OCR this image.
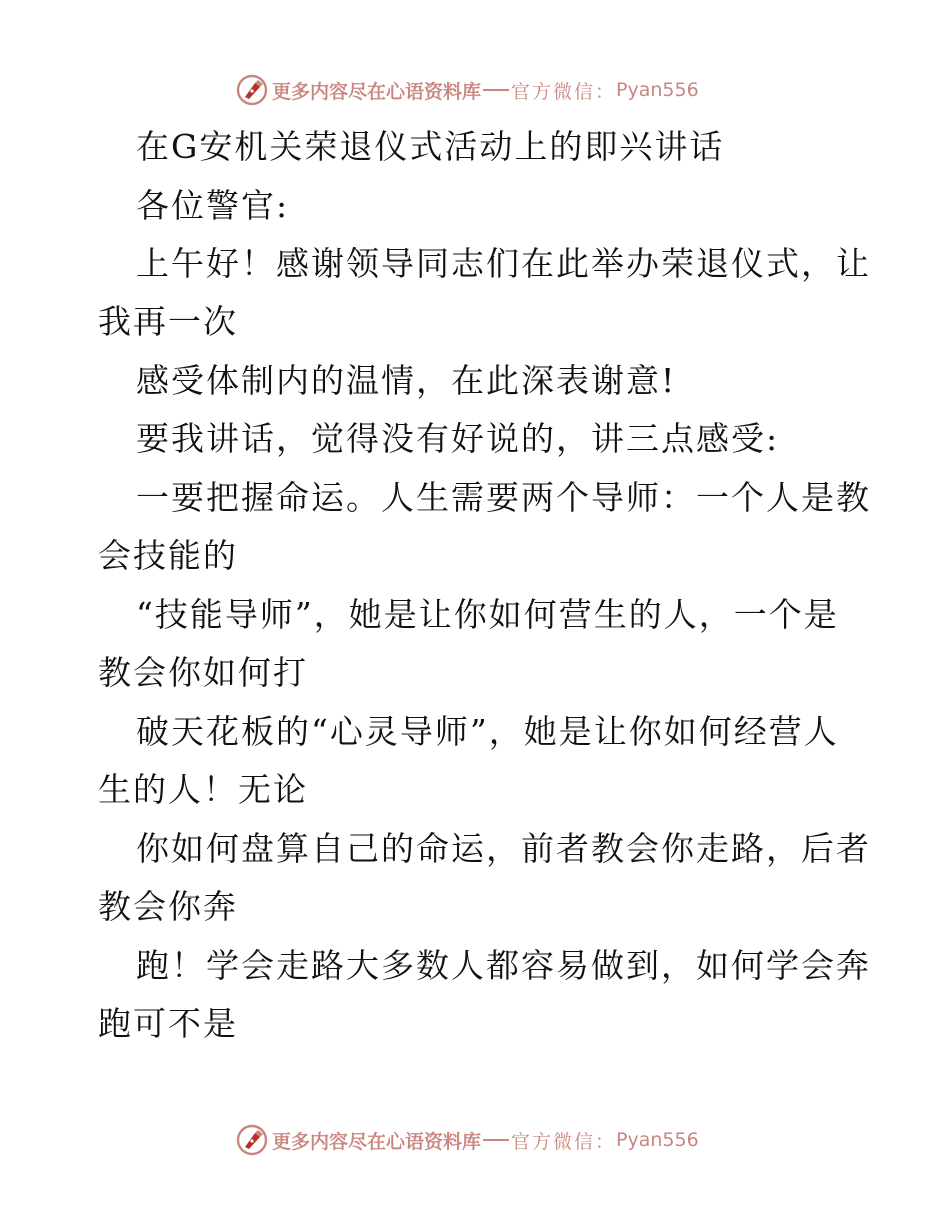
更多内容尽在心语资料库 官方微信： Pyan556
在G安机关荣退仪式活动上的即兴讲话
各位警官:
上午好！感谢领导同志们在此举办荣退仪式，让
我再一次
感受体制内的温情，在此深表谢意!
要我讲话，觉得没有好说的，讲三点感受:
一要把握命运。人生需要两个导师：一个人是教
会技能的
“技能导师”，她是让你如何营生的人，一个是
教会你如何打
破天花板的“心灵导师”，她是让你如何经营人
生的人！无论
你如何盘算自己的命运，前者教会你走路，后者
教会你奔
跑！学会走路大多数人都容易做到，如何学会奔
跑可不是
更多内容尽在心语资料库 官方微信： Pyan556
